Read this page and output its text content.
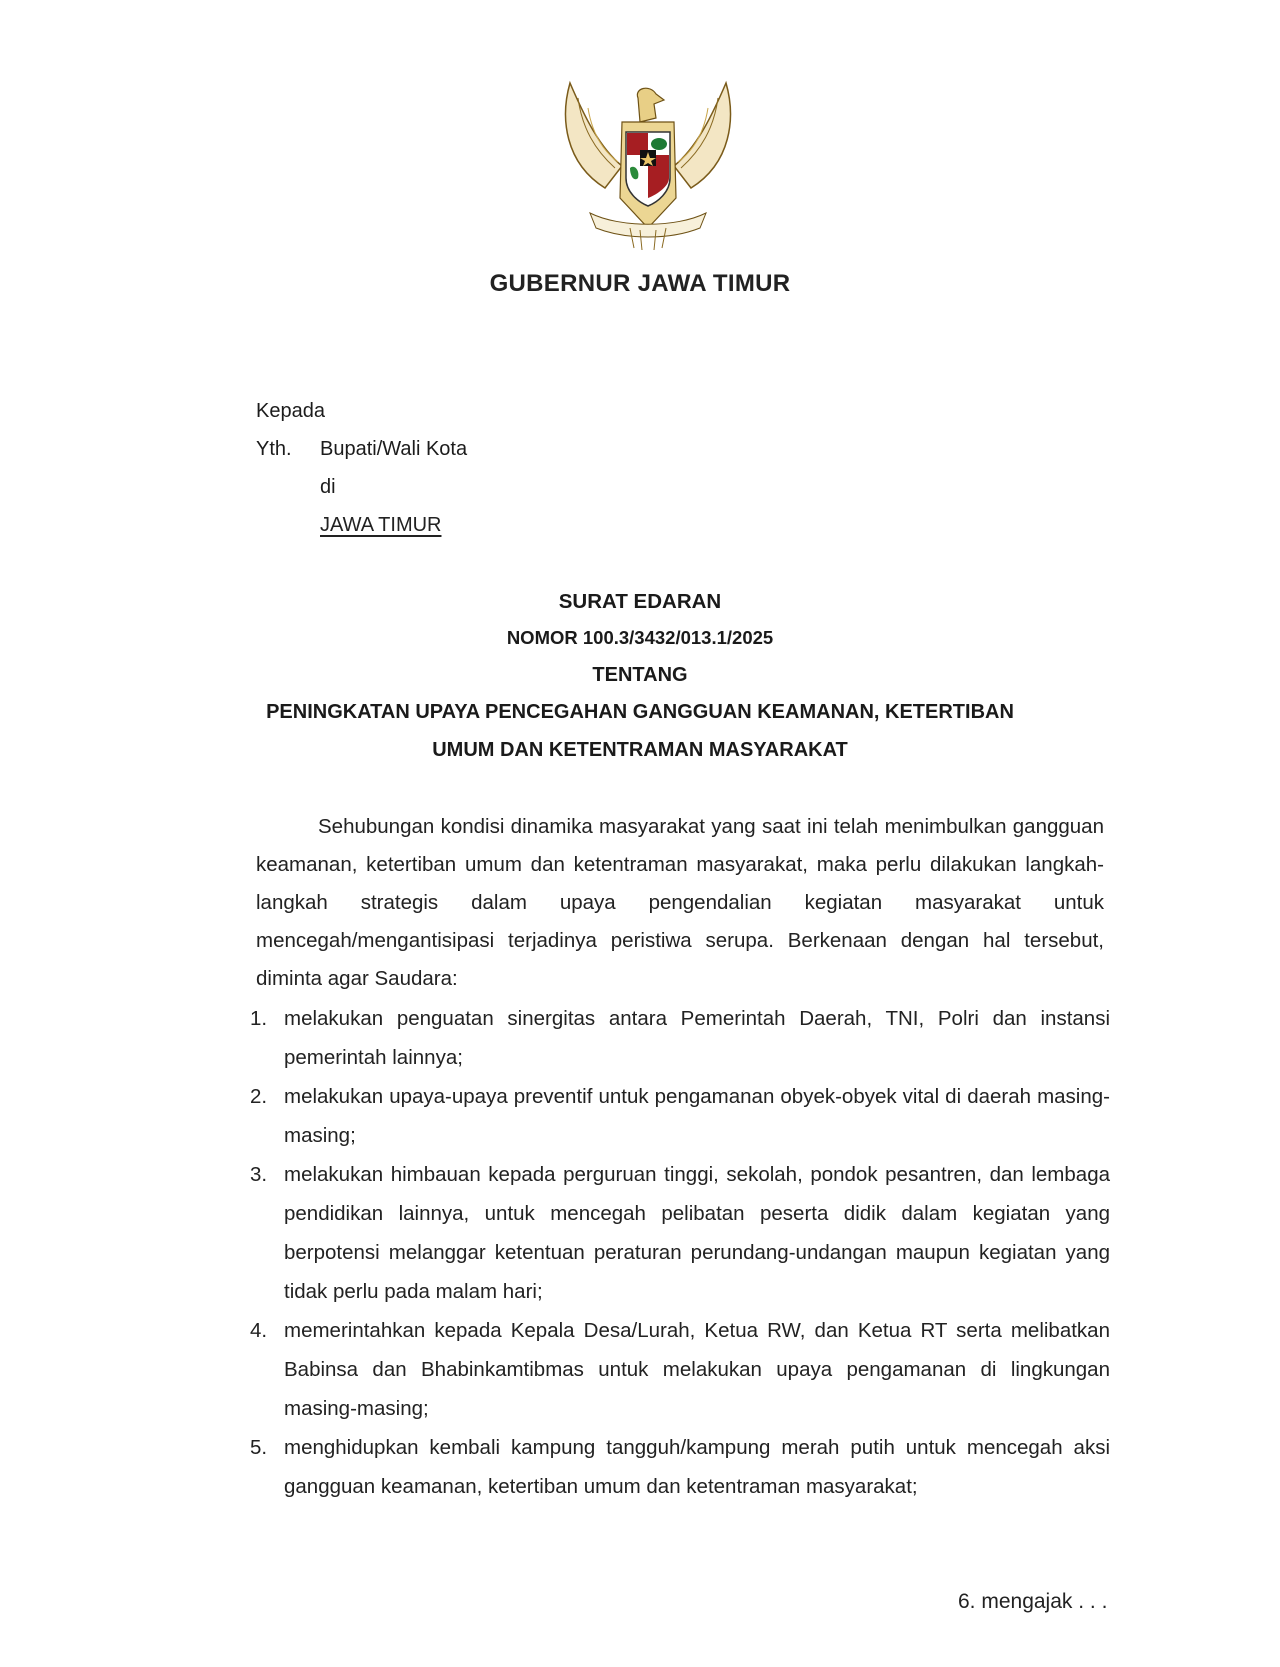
GUBERNUR JAWA TIMUR
Kepada
Yth. Bupati/Wali Kota
di
JAWA TIMUR
SURAT EDARAN
NOMOR 100.3/3432/013.1/2025
TENTANG
PENINGKATAN UPAYA PENCEGAHAN GANGGUAN KEAMANAN, KETERTIBAN
UMUM DAN KETENTRAMAN MASYARAKAT
Sehubungan kondisi dinamika masyarakat yang saat ini telah menimbulkan gangguan keamanan, ketertiban umum dan ketentraman masyarakat, maka perlu dilakukan langkah-langkah strategis dalam upaya pengendalian kegiatan masyarakat untuk mencegah/mengantisipasi terjadinya peristiwa serupa. Berkenaan dengan hal tersebut, diminta agar Saudara:
1. melakukan penguatan sinergitas antara Pemerintah Daerah, TNI, Polri dan instansi pemerintah lainnya;
2. melakukan upaya-upaya preventif untuk pengamanan obyek-obyek vital di daerah masing-masing;
3. melakukan himbauan kepada perguruan tinggi, sekolah, pondok pesantren, dan lembaga pendidikan lainnya, untuk mencegah pelibatan peserta didik dalam kegiatan yang berpotensi melanggar ketentuan peraturan perundang-undangan maupun kegiatan yang tidak perlu pada malam hari;
4. memerintahkan kepada Kepala Desa/Lurah, Ketua RW, dan Ketua RT serta melibatkan Babinsa dan Bhabinkamtibmas untuk melakukan upaya pengamanan di lingkungan masing-masing;
5. menghidupkan kembali kampung tangguh/kampung merah putih untuk mencegah aksi gangguan keamanan, ketertiban umum dan ketentraman masyarakat;
6. mengajak . . .
